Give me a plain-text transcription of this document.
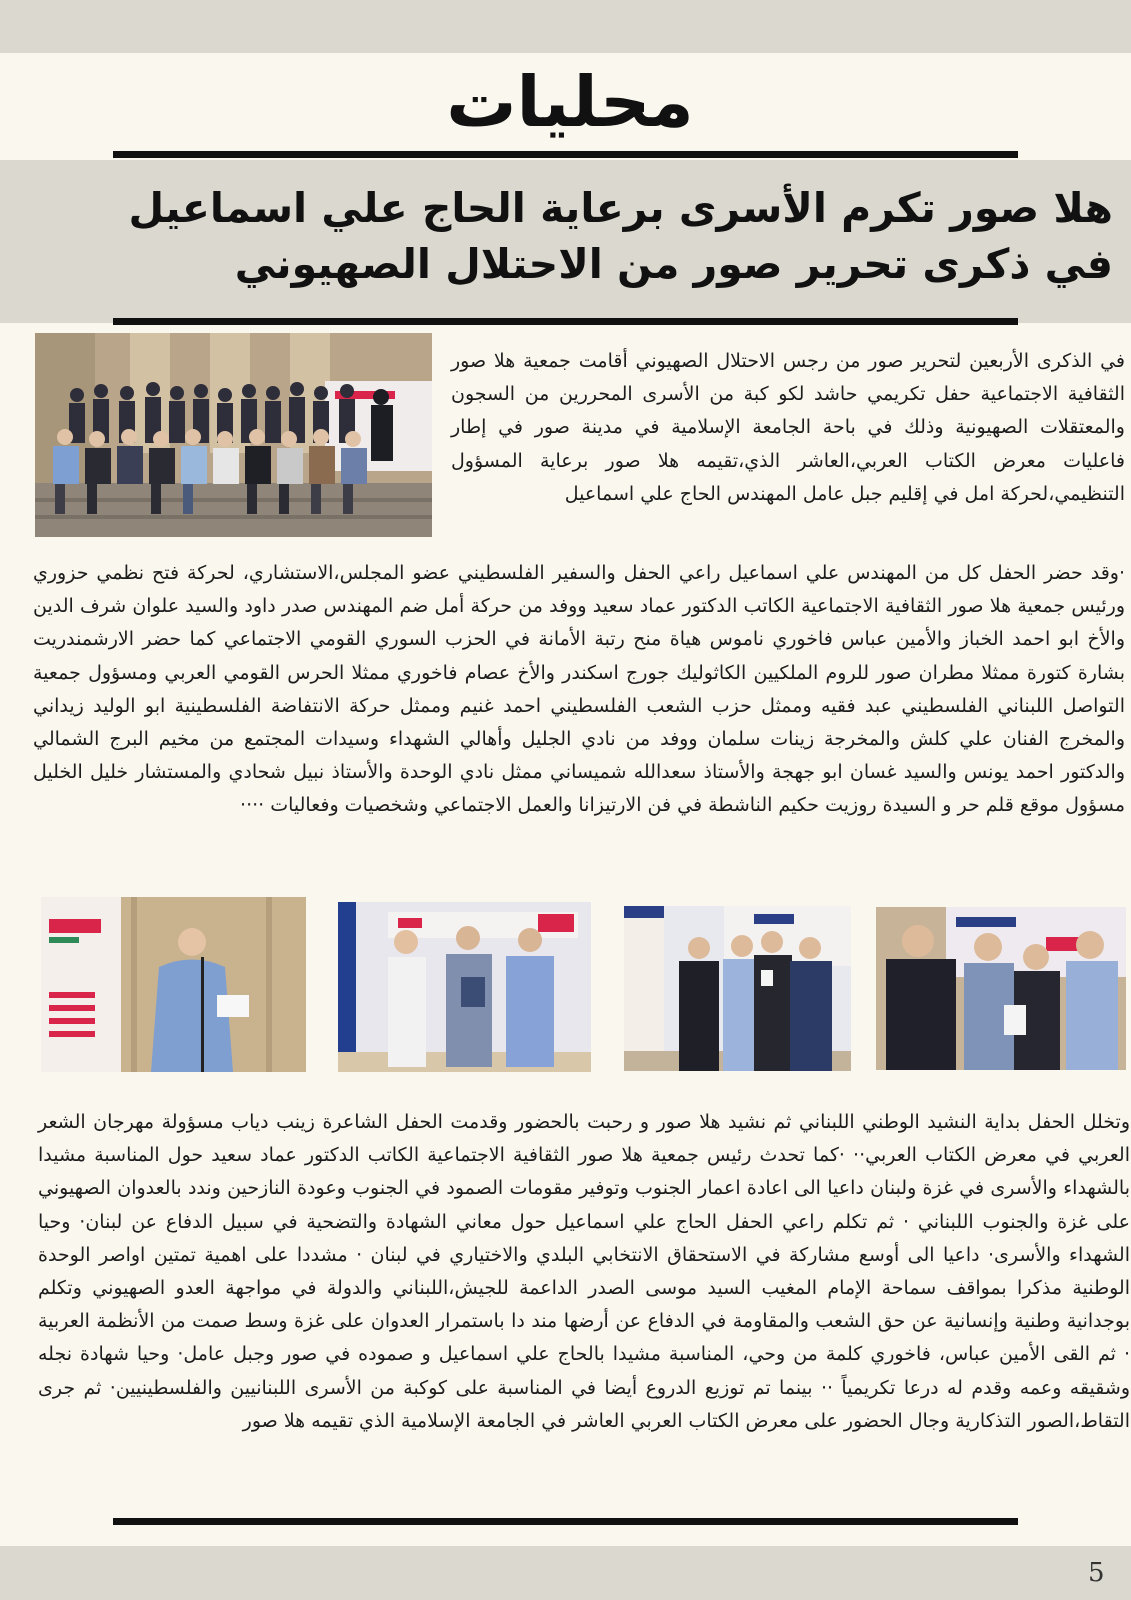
محليات
هلا صور تكرم الأسرى برعاية الحاج علي اسماعيل في ذكرى تحرير صور من الاحتلال الصهيوني

في الذكرى الأربعين لتحرير صور من رجس الاحتلال الصهيوني أقامت جمعية هلا صور الثقافية الاجتماعية حفل تكريمي حاشد لكو كبة من الأسرى المحررين من السجون والمعتقلات الصهيونية وذلك في باحة الجامعة الإسلامية في مدينة صور في إطار فاعليات معرض الكتاب العربي،العاشر الذي،تقيمه هلا صور برعاية المسؤول التنظيمي،لحركة امل في إقليم جبل عامل المهندس الحاج علي اسماعيل

·وقد حضر الحفل كل من المهندس علي اسماعيل راعي الحفل والسفير الفلسطيني عضو المجلس،الاستشاري، لحركة فتح نظمي حزوري ورئيس جمعية هلا صور الثقافية الاجتماعية الكاتب الدكتور عماد سعيد ووفد من حركة أمل ضم المهندس صدر داود والسيد علوان شرف الدين والأخ ابو احمد الخباز والأمين عباس فاخوري ناموس هياة منح رتبة الأمانة في الحزب السوري القومي الاجتماعي كما حضر الارشمندريت بشارة كتورة ممثلا مطران صور للروم الملكيين الكاثوليك جورج اسكندر والأخ عصام فاخوري ممثلا الحرس القومي العربي ومسؤول جمعية التواصل اللبناني الفلسطيني عبد فقيه وممثل حزب الشعب الفلسطيني احمد غنيم وممثل حركة الانتفاضة الفلسطينية ابو الوليد زيداني والمخرج الفنان علي كلش والمخرجة زينات سلمان ووفد من نادي الجليل وأهالي الشهداء وسيدات المجتمع من مخيم البرج الشمالي والدكتور احمد يونس والسيد غسان ابو جهجة والأستاذ سعدالله شميساني ممثل نادي الوحدة والأستاذ نبيل شحادي والمستشار خليل الخليل مسؤول موقع قلم حر و السيدة روزيت حكيم الناشطة في فن الارتيزانا والعمل الاجتماعي وشخصيات وفعاليات ····

وتخلل الحفل بداية النشيد الوطني اللبناني ثم نشيد هلا صور و رحبت بالحضور وقدمت الحفل الشاعرة زينب دياب مسؤولة مهرجان الشعر العربي في معرض الكتاب العربي·· ·كما تحدث رئيس جمعية هلا صور الثقافية الاجتماعية الكاتب الدكتور عماد سعيد حول المناسبة مشيدا بالشهداء والأسرى في غزة ولبنان داعيا الى اعادة اعمار الجنوب وتوفير مقومات الصمود في الجنوب وعودة النازحين وندد بالعدوان الصهيوني على غزة والجنوب اللبناني · ثم تكلم راعي الحفل الحاج علي اسماعيل حول معاني الشهادة والتضحية في سبيل الدفاع عن لبنان· وحيا الشهداء والأسرى· داعيا الى أوسع مشاركة في الاستحقاق الانتخابي البلدي والاختياري في لبنان · مشددا على اهمية تمتين اواصر الوحدة الوطنية مذكرا بمواقف سماحة الإمام المغيب السيد موسى الصدر الداعمة للجيش،اللبناني والدولة في مواجهة العدو الصهيوني وتكلم بوجدانية وطنية وإنسانية عن حق الشعب والمقاومة في الدفاع عن أرضها مند دا باستمرار العدوان على غزة وسط صمت من الأنظمة العربية · ثم القى الأمين عباس، فاخوري كلمة من وحي، المناسبة مشيدا بالحاج علي اسماعيل و صموده في صور وجبل عامل· وحيا شهادة نجله وشقيقه وعمه وقدم له درعا تكريمياً ·· بينما تم توزيع الدروع أيضا في المناسبة على كوكبة من الأسرى اللبنانيين والفلسطينيين· ثم جرى التقاط،الصور التذكارية وجال الحضور على معرض الكتاب العربي العاشر في الجامعة الإسلامية الذي تقيمه هلا صور

5
